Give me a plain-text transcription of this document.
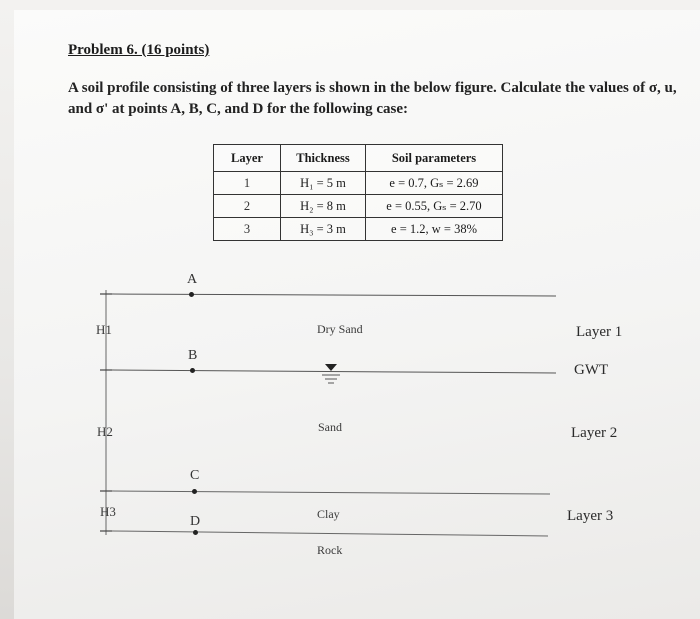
Problem 6. (16 points)
A soil profile consisting of three layers is shown in the below figure. Calculate the values of σ, u,
and σ' at points A, B, C, and D for the following case:
Layer	Thickness	Soil parameters
1	H₁ = 5 m	e = 0.7, Gₛ = 2.69
2	H₂ = 8 m	e = 0.55, Gₛ = 2.70
3	H₃ = 3 m	e = 1.2, w = 38%
H1
H2
H3
A
B
C
D
Dry Sand
Sand
Clay
Rock
Layer 1
GWT
Layer 2
Layer 3
